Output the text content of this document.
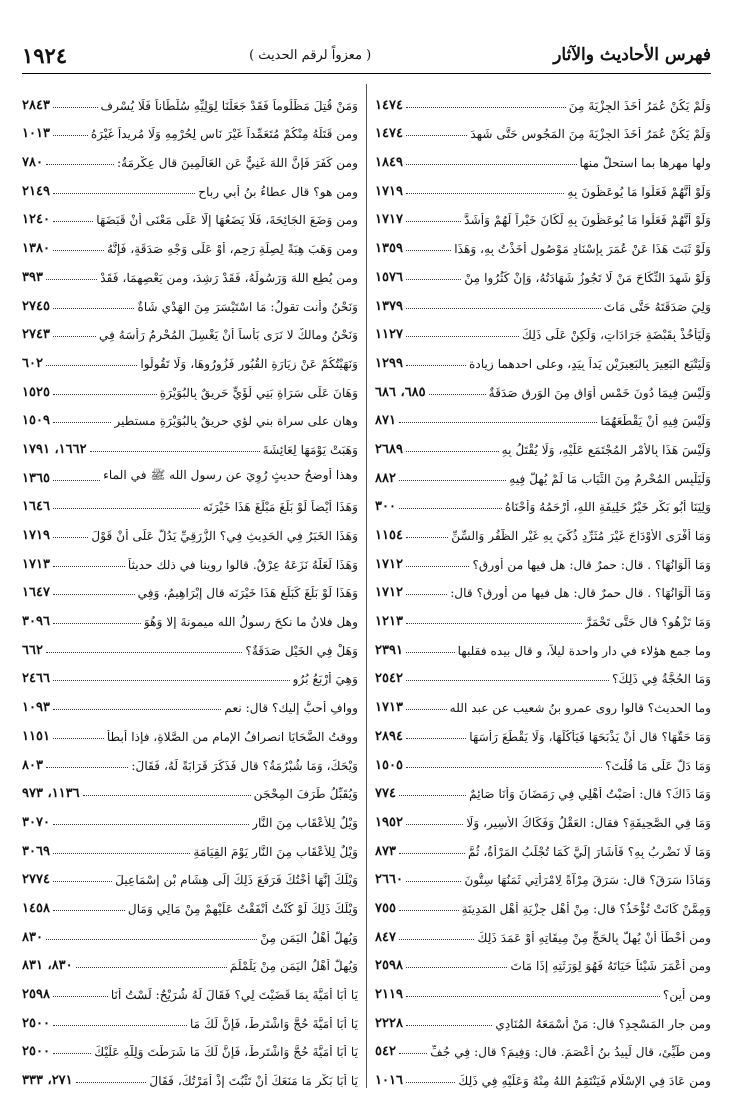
فهرس الأحاديث والآثار
( معزواً لرقم الحديث )
١٩٢٤
وَلَمْ يَكُنْ عُمَرُ أَخَذَ الجِزْيَةَ مِنَ
١٤٧٤
وَلَمْ يَكُنْ عُمَرُ أَخَذَ الجِزْيَةَ مِنَ المَجُوسِ حَتَّى شَهِدَ
١٤٧٤
ولها مهرها بما استحلَّ منها
١٨٤٩
وَلَوْ أَنَّهُمْ فَعَلُوا مَا يُوعَظُونَ بِهِ
١٧١٩
وَلَوْ أَنَّهُمْ فَعَلُوا مَا يُوعَظُونَ بِهِ لَكَانَ خَيْراً لَهُمْ وَأَشَدَّ
١٧١٧
وَلَوْ ثَبَتَ هَذَا عَنْ عُمَرَ بِإِسْنَادٍ مَوْصُولٍ أَخَذْتُ بِهِ، وَهَذَا
١٣٥٩
وَلَوْ شَهِدَ النِّكَاحَ مَنْ لَا تَجُوزُ شَهَادَتُهُ، وَإِنْ كَثُرُوا مِنْ
١٥٧٦
وَلِيَ صَدَقَتَهُ حَتَّى مَاتَ
١٣٧٩
وَلَيَأْخُذْ بِقَبْضَةٍ جَرَادَاتٍ، وَلَكِنْ عَلَى ذَلِكَ
١١٢٧
وَلْيَتْبَعِ البَعِيرَ بِالبَعِيرَيْنِ يَداً بِيَدٍ، وعلى احدهما زيادة
١٢٩٩
وَلَيْسَ فِيمَا دُونَ خَمْسِ أَوَاقٍ مِنَ الوَرِقِ صَدَقَةٌ
٦٨٥، ٦٨٦
وَلَيْسَ فِيهِ أَنْ يَقْطَعَهُمَا
٨٧١
وَلَيْسَ هَذَا بِالأَمْرِ المُجْتَمَعِ عَلَيْهِ، وَلَا يُقْتَلُ بِهِ
٢٦٨٩
وَلْيَلْبِسِ المُحْرِمُ مِنَ الثِّيَابِ مَا لَمْ يُهِلَّ فِيهِ
٨٨٢
وَلِيَنَا أَبُو بَكْرٍ خَيْرُ خَلِيفَةِ اللهِ، أَرْحَمُهُ وَأَحْنَاهُ
٣٠٠
وَمَا أَفْرَى الأَوْدَاجَ غَيْرَ مُثَرِّدٍ ذُكِّيَ بِهِ غَيْرِ الظُّفُرِ وَالسِّنِّ
١١٥٤
وَمَا أَلْوَانُهَا؟ . قال: حمرٌ قال: هل فيها من أورق؟
١٧١٢
وَمَا أَلْوَانُهَا؟ . قال حمرٌ قال: هل فيها من أورق؟ قال:
١٧١٢
وَمَا تَزْهُو؟ قال حَتَّى تَحْمَرَّ
١٢١٣
وما جمع هؤلاء في دار واحدة ليلاً، و قال بيده فقلبها
٢٣٩١
وَمَا الحُجَّةُ فِي ذَلِكَ؟
٢٥٤٢
وما الحديث؟ قالوا روى عمرو بنُ شعيب عن عبد الله
١٧١٣
وَمَا حَقُّهَا؟ قال أَنْ يَذْبَحَهَا فَيَأْكُلَهَا، وَلَا يَقْطَعَ رَأْسَهَا
٢٨٩٤
وَمَا دَلَّ عَلَى مَا قُلْتَ؟
١٥٠٥
وَمَا ذَاكَ؟ قال: أَصَبْتُ أَهْلِي فِي رَمَضَانَ وَأَنَا صَائِمٌ
٧٧٤
وَمَا فِي الصَّحِيفَةِ؟ فقال: العَقْلُ وَفَكَاكُ الأَسِيرِ، وَلَا
١٩٥٢
وَمَا لَا نَضْرِبُ بِهِ؟ فَأَشَارَ إِلَيَّ كَمَا تُجْلَبُ المَرْأَةُ، ثُمَّ
٨٧٣
وَمَاذَا سَرَقَ؟ قال: سَرَقَ مِرْآةً لِامْرَأَتِي ثَمَنُهَا سِتُّونَ
٢٦٦٠
وَمِمَّنْ كَانَتْ تُؤْخَذُ؟ قال: مِنْ أَهْلِ جِزْيَةِ أَهْلِ المَدِينَةِ
٧٥٥
ومن أَخْطَأَ أَنْ يُهِلَّ بِالحَجِّ مِنْ مِيقَاتِهِ أَوْ عَمَدَ ذَلِكَ
٨٤٧
ومن أَعْمَرَ شَيْئاً حَيَاتَهُ فَهُوَ لِوَرَثَتِهِ إِذَا مَاتَ
٢٥٩٨
ومن أين؟
٢١١٩
ومن جار المَسْجِدِ؟ قال: مَنْ أَسْمَعَهُ المُنَادِي
٢٢٢٨
ومن طَيِّئٍ، قال لَبِيدُ بنُ أَعْصَمَ. قال: وَفِيمَ؟ قال: فِي جُفِّ
٥٤٢
ومن عَادَ فِي الإِسْلَامِ فَيَنْتَقِمُ اللهُ مِنْهُ وَعَلَيْهِ فِي ذَلِكَ
١٠١٦
وَمَنْ قُتِلَ مَظْلُوماً فَقَدْ جَعَلْنَا لِوَلِيِّهِ سُلْطَاناً فَلَا يُسْرِف
٢٨٤٣
ومن قَتَلَهُ مِنْكُمْ مُتَعَمِّداً غَيْرَ نَاسٍ لِحُرْمِهِ وَلَا مُرِيداً غَيْرَهُ
١٠١٣
ومن كَفَرَ فَإِنَّ اللهَ غَنِيٌّ عَنِ العَالَمِينَ قال عِكْرِمَةُ:
٧٨٠
ومن هو؟ قال عطاءُ بنُ أبي رباح
٢١٤٩
ومن وَضَعَ الجَائِحَةَ، فَلَا يَضَعُهَا إِلَّا عَلَى مَعْنَى أَنْ قَبَضَهَا
١٢٤٠
ومن وَهَبَ هِبَةً لِصِلَةِ رَحِمٍ، أَوْ عَلَى وَجْهِ صَدَقَةٍ، فَإِنَّهُ
١٣٨٠
ومن يُطِعِ اللهَ وَرَسُولَهُ، فَقَدْ رَشِدَ، ومن يَعْصِهِمَا، فَقَدْ
٣٩٣
وَنَحْنُ وأنت تقولُ: مَا اسْتَيْسَرَ مِنَ الهَدْيِ شَاةٌ
٢٧٤٥
وَنَحْنُ ومالكٌ لا نَرَى بَأْساً أَنْ يَغْسِلَ المُحْرِمُ رَأْسَهُ فِي
٢٧٤٣
وَنَهَيْتُكُمْ عَنْ زِيَارَةِ القُبُورِ فَزُورُوهَا، وَلَا تَقُولُوا
٦٠٢
وَهَانَ عَلَى سَرَاةِ بَنِي لُؤَيٍّ حَرِيقٌ بِالبُوَيْرَةِ
١٥٢٥
وهان على سراة بني لؤي حريقٌ بِالبُوَيْرَةِ مستطير
١٥٠٩
وَهَبَتْ يَوْمَهَا لِعَائِشَةَ
١٦٦٢، ١٧٩١
وهذا أوضحُ حديثٍ رُوِيَ عن رسول الله ﷺ في الماء
١٣٦٥
وَهَذَا أَيْضاً لَوْ بَلَغَ مَبْلَغَ هَذَا خَيْرَنَه
١٦٤٦
وَهَذَا الخَبَرُ فِي الحَدِيثِ فِي؟ الزُّرَقِيِّ يَدُلُّ عَلَى أَنْ قَوْلَ
١٧١٩
وَهَذَا لَعَلَّهُ نَزَعَهُ عِرْقٌ. قالوا روينا في ذلك حديثاً
١٧١٣
وَهَذَا لَوْ بَلَغَ كَبَلَغِ هَذَا خَيْرَنَه قال إِبْرَاهِيمُ، وَفِي
١٦٤٧
وهل فلانٌ ما نكحَ رسولُ الله ميمونةَ إلا وَهُوَ
٣٠٩٦
وَهَلْ فِي الخَيْلِ صَدَقَةٌ؟
٦٦٢
وَهِيَ أَرْبَعُ بُرُوٍ
٢٤٦٦
ووافِ أحبُّ إليك؟ قال: نعم
١٠٩٣
ووقتُ الضَّحَايَا انصرافُ الإمامِ من الصَّلاةِ، فإذا أبطأ
١١٥١
وَيْحَكَ، وَمَا شُبْرُمَةُ؟ قال فَذَكَرَ قَرَابَةً لَهُ، فَقَالَ:
٨٠٣
وَيُقَبِّلُ طَرَفَ المِحْجَنِ
١١٣٦، ٩٧٣
وَيْلٌ لِلأَعْقَابِ مِنَ النَّارِ
٣٠٧٠
وَيْلٌ لِلأَعْقَابِ مِنَ النَّارِ يَوْمَ القِيَامَةِ
٣٠٦٩
وَيْلَكَ إِنَّهَا أُخْتُكَ فَرَفَعَ ذَلِكَ إِلَى هِشَامِ بْنِ إِسْمَاعِيلَ
٢٧٧٤
وَيْلَكَ ذَلِكَ لَوْ كُنْتُ أَنْفَقْتُ عَلَيْهِمْ مِنْ مَالِي وَمَالِ
١٤٥٨
وَيُهِلُّ أَهْلُ اليَمَنِ مِنْ
٨٣٠
وَيُهِلُّ أَهْلُ اليَمَنِ مِنْ يَلَمْلَمَ
٨٣٠، ٨٣١
يَا أَبَا أُمَيَّةَ بِمَا قَضَيْتَ لِي؟ فَقَالَ لَهُ شُرَيْحٌ: لَسْتُ أَنَا
٢٥٩٨
يَا أَبَا أُمَيَّةَ حُجَّ وَاشْتَرِطْ، فَإِنَّ لَكَ مَا
٢٥٠٠
يَا أَبَا أُمَيَّةَ حُجَّ وَاشْتَرِطْ، فَإِنَّ لَكَ مَا شَرَطْتَ وَلِلَّهِ عَلَيْكَ
٢٥٠٠
يَا أَبَا بَكْرٍ مَا مَنَعَكَ أَنْ تَثْبُتَ إِذْ أَمَرْتُكَ، فَقَالَ
٢٧١، ٣٣٣
